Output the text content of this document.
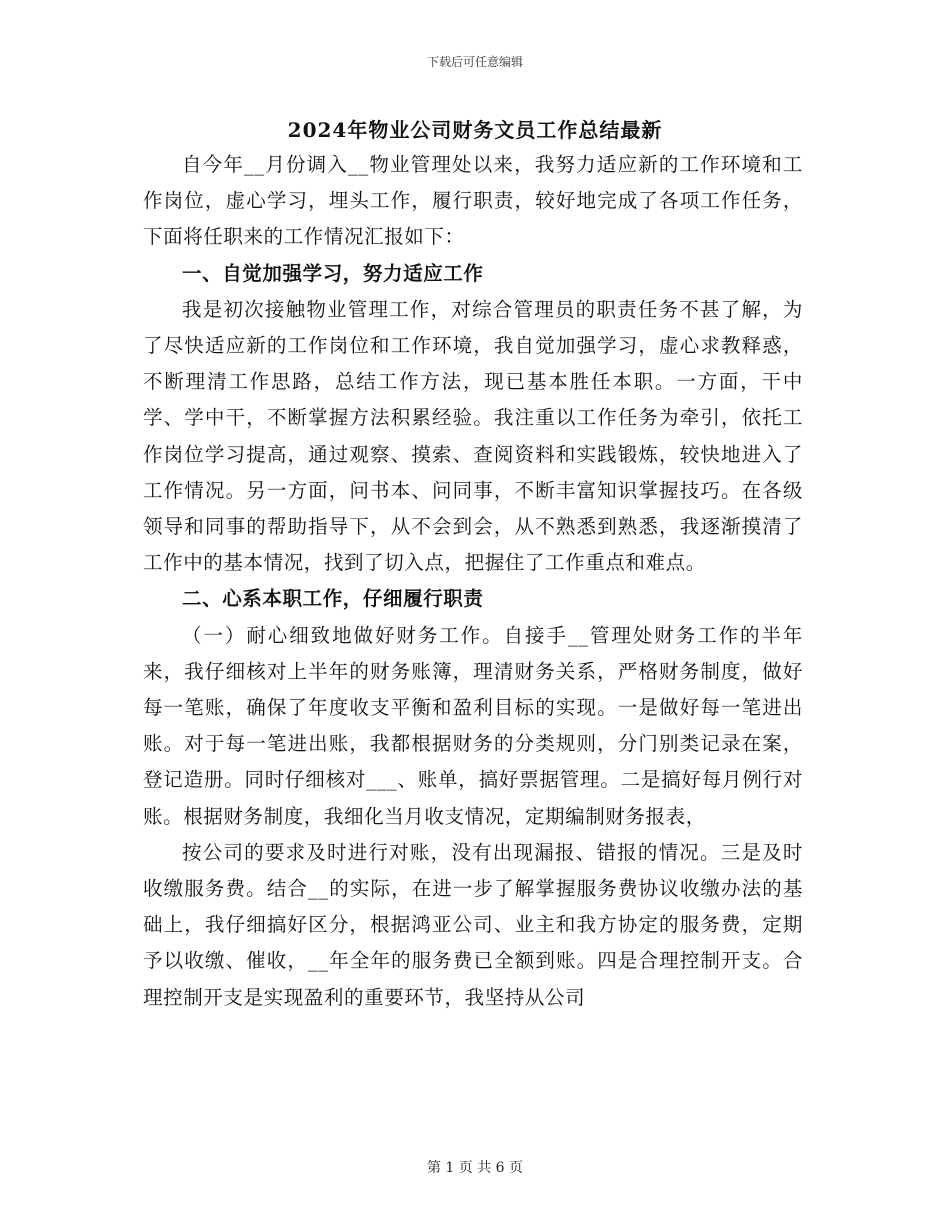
下载后可任意编辑
2024年物业公司财务文员工作总结最新

自今年__月份调入__物业管理处以来，我努力适应新的工作环境和工作岗位，虚心学习，埋头工作，履行职责，较好地完成了各项工作任务，下面将任职来的工作情况汇报如下：

一、自觉加强学习，努力适应工作

我是初次接触物业管理工作，对综合管理员的职责任务不甚了解，为了尽快适应新的工作岗位和工作环境，我自觉加强学习，虚心求教释惑，不断理清工作思路，总结工作方法，现已基本胜任本职。一方面，干中学、学中干，不断掌握方法积累经验。我注重以工作任务为牵引，依托工作岗位学习提高，通过观察、摸索、查阅资料和实践锻炼，较快地进入了工作情况。另一方面，问书本、问同事，不断丰富知识掌握技巧。在各级领导和同事的帮助指导下，从不会到会，从不熟悉到熟悉，我逐渐摸清了工作中的基本情况，找到了切入点，把握住了工作重点和难点。

二、心系本职工作，仔细履行职责

（一）耐心细致地做好财务工作。自接手__管理处财务工作的半年来，我仔细核对上半年的财务账簿，理清财务关系，严格财务制度，做好每一笔账，确保了年度收支平衡和盈利目标的实现。一是做好每一笔进出账。对于每一笔进出账，我都根据财务的分类规则，分门别类记录在案，登记造册。同时仔细核对___、账单，搞好票据管理。二是搞好每月例行对账。根据财务制度，我细化当月收支情况，定期编制财务报表，

按公司的要求及时进行对账，没有出现漏报、错报的情况。三是及时收缴服务费。结合__的实际，在进一步了解掌握服务费协议收缴办法的基础上，我仔细搞好区分，根据鸿亚公司、业主和我方协定的服务费，定期予以收缴、催收，__年全年的服务费已全额到账。四是合理控制开支。合理控制开支是实现盈利的重要环节，我坚持从公司

第 1 页 共 6 页
